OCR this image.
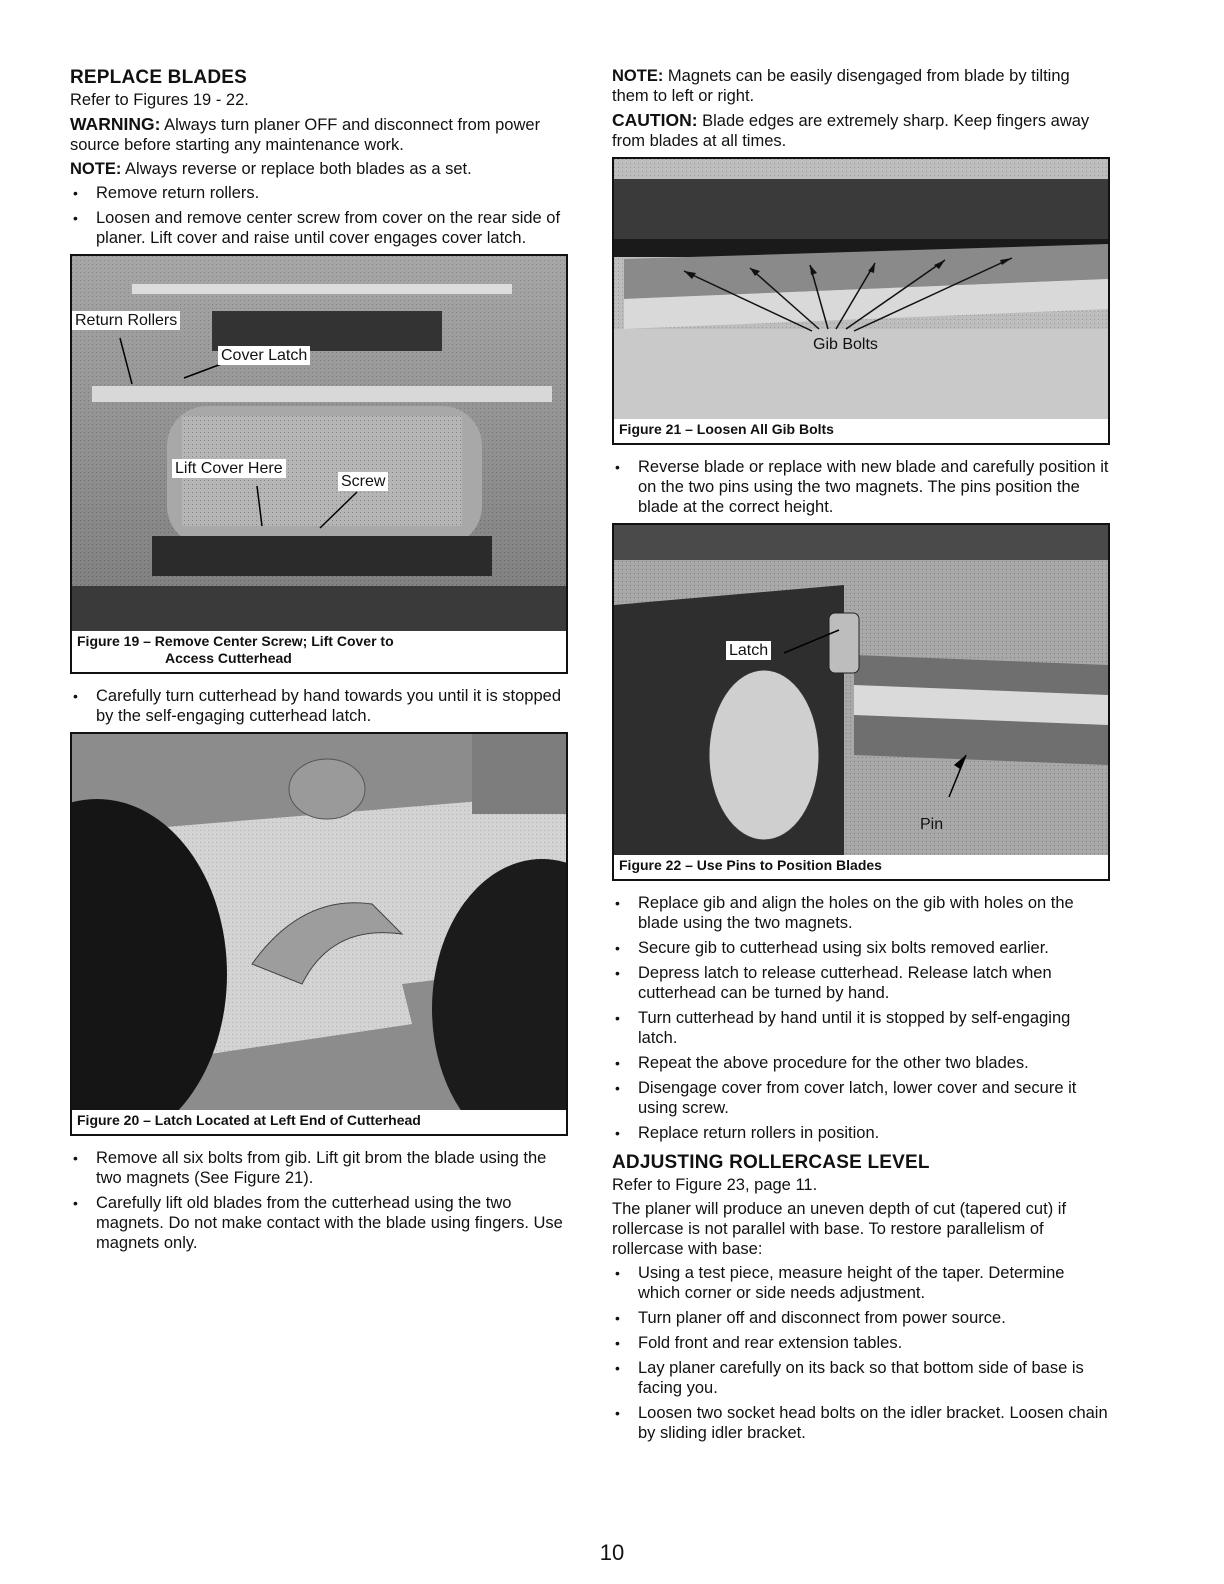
REPLACE BLADES

Refer to Figures 19 - 22.

WARNING: Always turn planer OFF and disconnect from power source before starting any maintenance work.

NOTE: Always reverse or replace both blades as a set.

• Remove return rollers.
• Loosen and remove center screw from cover on the rear side of planer. Lift cover and raise until cover engages cover latch.
Return Rollers
Cover Latch
Lift Cover Here
Screw
Figure 19 – Remove Center Screw; Lift Cover to
Access Cutterhead
• Carefully turn cutterhead by hand towards you until it is stopped by the self-engaging cutterhead latch.
Figure 20 – Latch Located at Left End of Cutterhead
• Remove all six bolts from gib. Lift git brom the blade using the two magnets (See Figure 21).
• Carefully lift old blades from the cutterhead using the two magnets. Do not make contact with the blade using fingers. Use magnets only.

NOTE: Magnets can be easily disengaged from blade by tilting them to left or right.

CAUTION: Blade edges are extremely sharp. Keep fingers away from blades at all times.

Gib Bolts
Figure 21 – Loosen All Gib Bolts
• Reverse blade or replace with new blade and carefully position it on the two pins using the two magnets. The pins position the blade at the correct height.
Latch
Pin
Figure 22 – Use Pins to Position Blades
• Replace gib and align the holes on the gib with holes on the blade using the two magnets.
• Secure gib to cutterhead using six bolts removed earlier.
• Depress latch to release cutterhead. Release latch when cutterhead can be turned by hand.
• Turn cutterhead by hand until it is stopped by self-engaging latch.
• Repeat the above procedure for the other two blades.
• Disengage cover from cover latch, lower cover and secure it using screw.
• Replace return rollers in position.
ADJUSTING ROLLERCASE LEVEL

Refer to Figure 23, page 11.

The planer will produce an uneven depth of cut (tapered cut) if rollercase is not parallel with base. To restore parallelism of rollercase with base:

• Using a test piece, measure height of the taper. Determine which corner or side needs adjustment.
• Turn planer off and disconnect from power source.
• Fold front and rear extension tables.
• Lay planer carefully on its back so that bottom side of base is facing you.
• Loosen two socket head bolts on the idler bracket. Loosen chain by sliding idler bracket.
10
